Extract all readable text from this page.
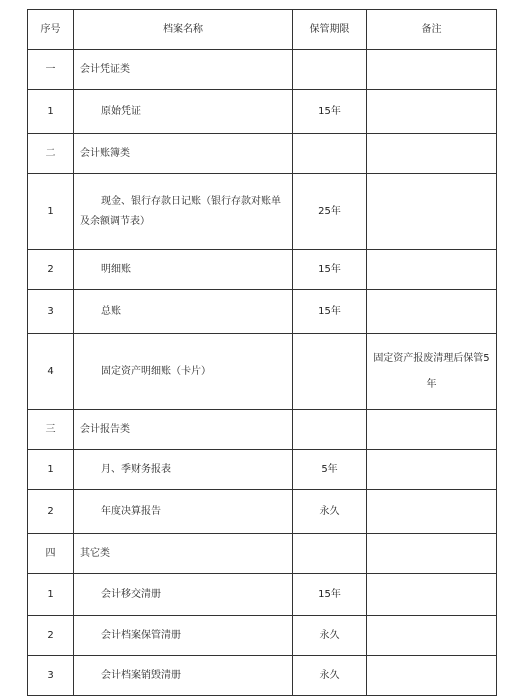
序号	档案名称	保管期限	备注
一	会计凭证类		
1	原始凭证	15年	
二	会计账簿类		
1	现金、银行存款日记账（银行存款对账单及余额调节表）	25年	
2	明细账	15年	
3	总账	15年	
4	固定资产明细账（卡片）		固定资产报废清理后保管5年
三	会计报告类		
1	月、季财务报表	5年	
2	年度决算报告	永久	
四	其它类		
1	会计移交清册	15年	
2	会计档案保管清册	永久	
3	会计档案销毁清册	永久	
